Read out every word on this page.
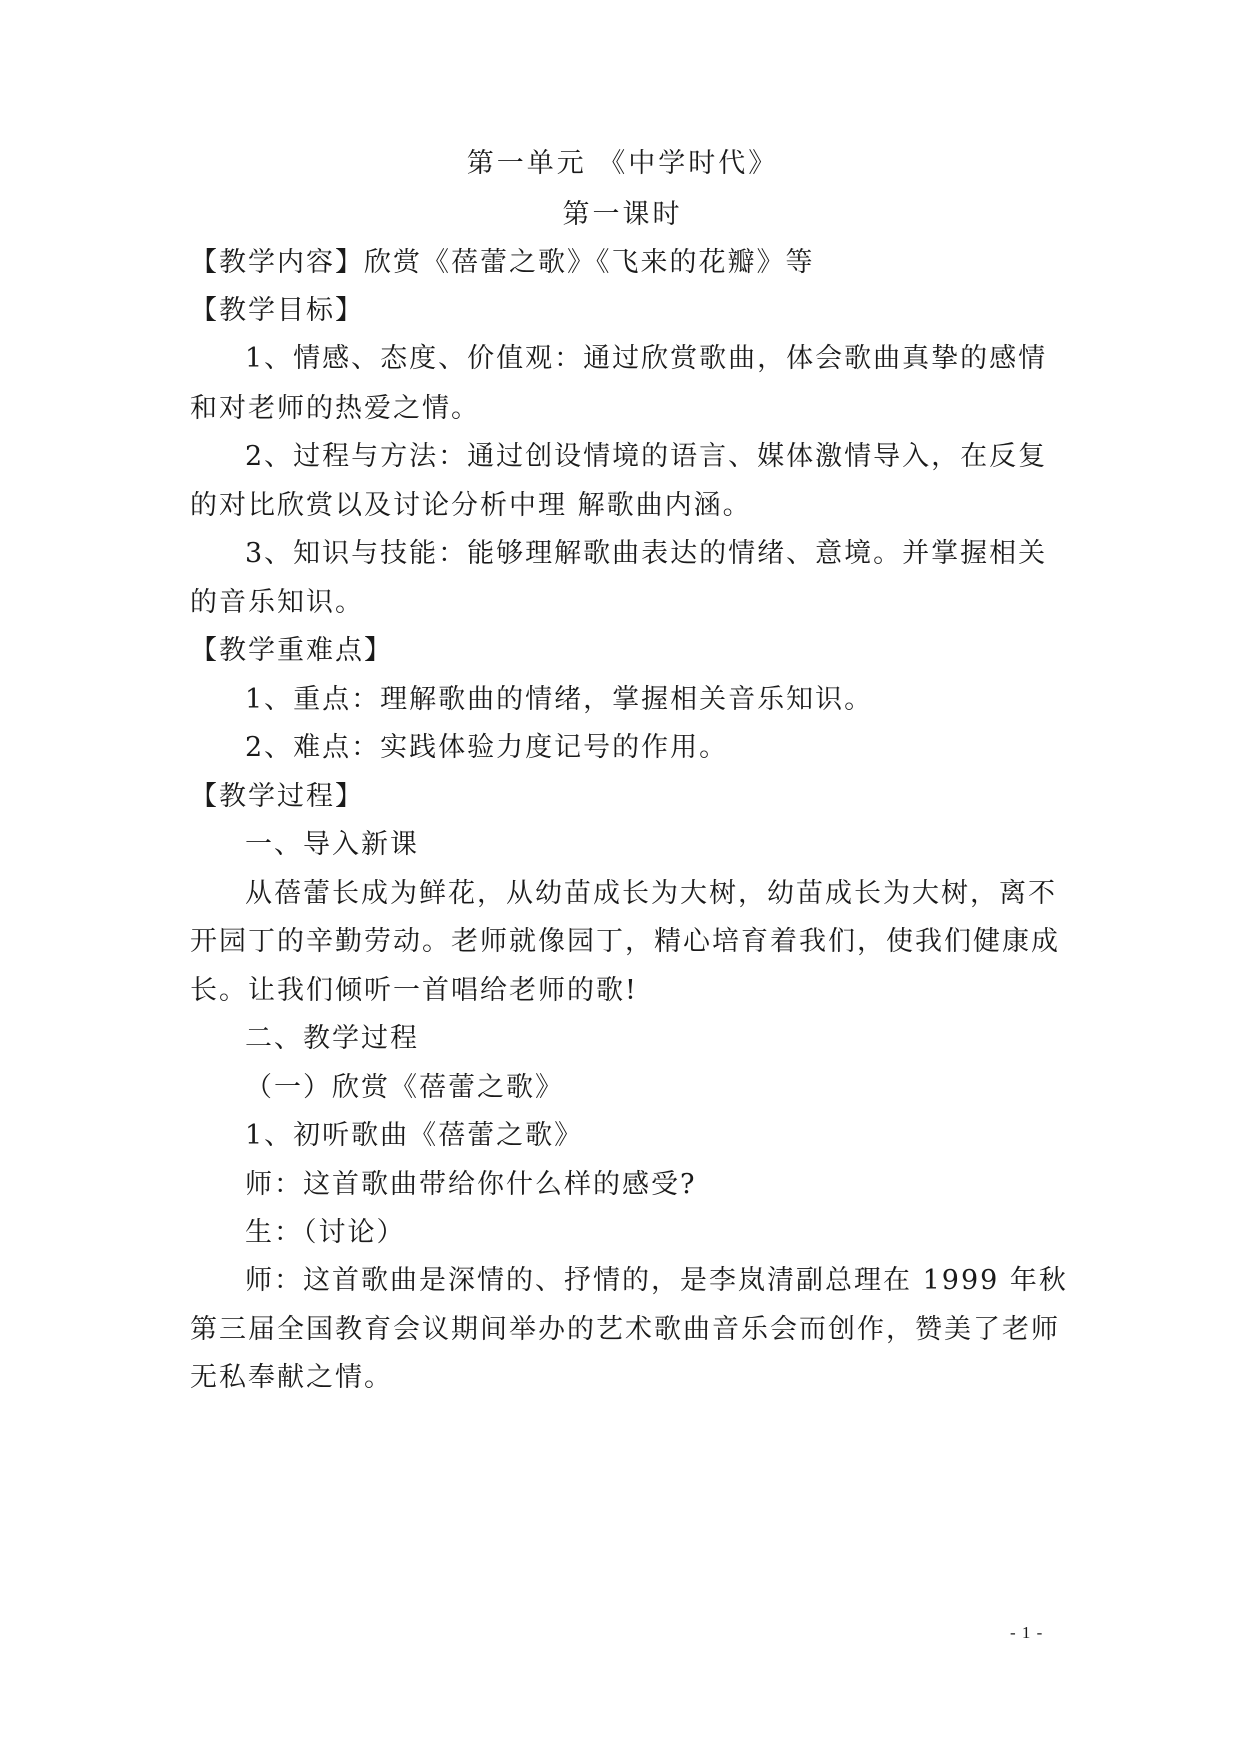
第一单元 《中学时代》
第一课时
【教学内容】欣赏《蓓蕾之歌》《飞来的花瓣》等
【教学目标】
1、情感、态度、价值观：通过欣赏歌曲，体会歌曲真挚的感情
和对老师的热爱之情。
2、过程与方法：通过创设情境的语言、媒体激情导入，在反复
的对比欣赏以及讨论分析中理 解歌曲内涵。
3、知识与技能：能够理解歌曲表达的情绪、意境。并掌握相关
的音乐知识。
【教学重难点】
1、重点：理解歌曲的情绪，掌握相关音乐知识。
2、难点：实践体验力度记号的作用。
【教学过程】
一、导入新课
从蓓蕾长成为鲜花，从幼苗成长为大树，幼苗成长为大树，离不
开园丁的辛勤劳动。老师就像园丁，精心培育着我们，使我们健康成
长。让我们倾听一首唱给老师的歌!
二、教学过程
（一）欣赏《蓓蕾之歌》
1、初听歌曲《蓓蕾之歌》
师：这首歌曲带给你什么样的感受?
生：（讨论）
师：这首歌曲是深情的、抒情的，是李岚清副总理在 1999 年秋
第三届全国教育会议期间举办的艺术歌曲音乐会而创作，赞美了老师
无私奉献之情。
- 1 -
